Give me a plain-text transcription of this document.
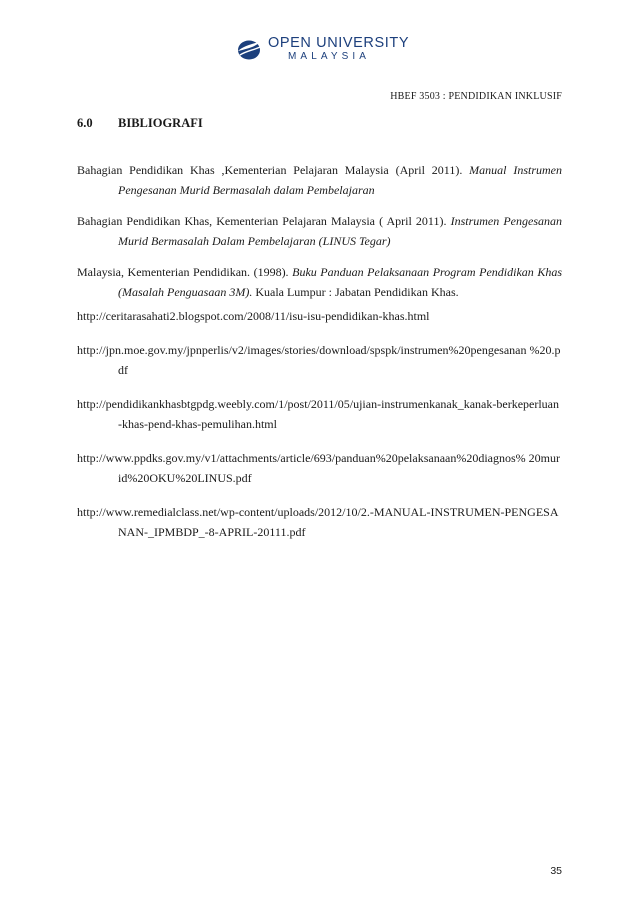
OPEN UNIVERSITY
MALAYSIA
HBEF 3503 : PENDIDIKAN INKLUSIF
6.0 BIBLIOGRAFI

Bahagian Pendidikan Khas ,Kementerian Pelajaran Malaysia (April 2011). Manual Instrumen Pengesanan Murid Bermasalah dalam Pembelajaran

Bahagian Pendidikan Khas, Kementerian Pelajaran Malaysia ( April 2011). Instrumen Pengesanan Murid Bermasalah Dalam Pembelajaran (LINUS Tegar)

Malaysia, Kementerian Pendidikan. (1998). Buku Panduan Pelaksanaan Program Pendidikan Khas (Masalah Penguasaan 3M). Kuala Lumpur : Jabatan Pendidikan Khas.

http://ceritarasahati2.blogspot.com/2008/11/isu-isu-pendidikan-khas.html

http://jpn.moe.gov.my/jpnperlis/v2/images/stories/download/spspk/instrumen%20pengesanan %20.pdf

http://pendidikankhasbtgpdg.weebly.com/1/post/2011/05/ujian-instrumenkanak_kanak-berkeperluan-khas-pend-khas-pemulihan.html

http://www.ppdks.gov.my/v1/attachments/article/693/panduan%20pelaksanaan%20diagnos% 20murid%20OKU%20LINUS.pdf

http://www.remedialclass.net/wp-content/uploads/2012/10/2.-MANUAL-INSTRUMEN-PENGESANAN-_IPMBDP_-8-APRIL-20111.pdf

35
